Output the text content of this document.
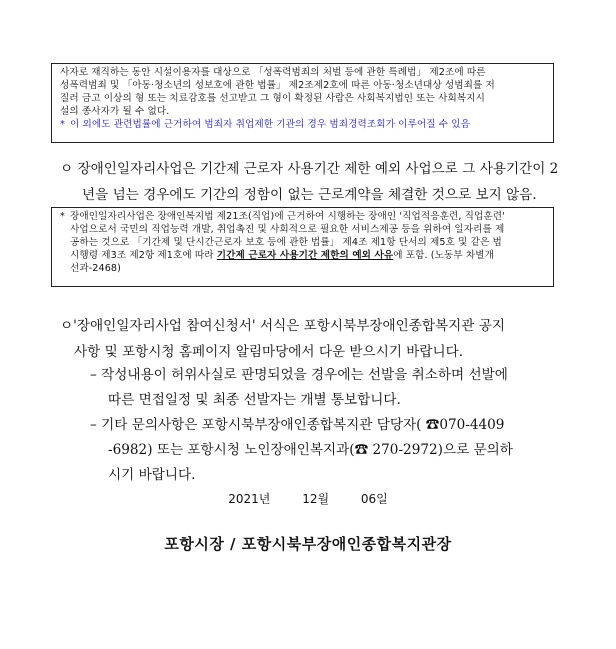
사자로 재직하는 동안 시설이용자를 대상으로 「성폭력범죄의 처벌 등에 관한 특례법」 제2조에 따른

성폭력범죄 및 「아동·청소년의 성보호에 관한 법률」 제2조제2호에 따른 아동·청소년대상 성범죄를 저

질러 금고 이상의 형 또는 치료감호를 선고받고 그 형이 확정된 사람은 사회복지법인 또는 사회복지시

설의 종사자가 될 수 없다.

* 이 외에도 관련법률에 근거하여 범죄자 취업제한 기관의 경우 범죄경력조회가 이루어질 수 있음

ㅇ 장애인일자리사업은 기간제 근로자 사용기간 제한 예외 사업으로 그 사용기간이 2
년을 넘는 경우에도 기간의 정함이 없는 근로계약을 체결한 것으로 보지 않음.
* 장애인일자리사업은 장애인복지법 제21조(직업)에 근거하여 시행하는 장애인 '직업적응훈련, 직업훈련'
사업으로서 국민의 직업능력 개발, 취업촉진 및 사회적으로 필요한 서비스제공 등을 위하여 일자리를 제
공하는 것으로 「기간제 및 단시간근로자 보호 등에 관한 법률」 제4조 제1항 단서의 제5호 및 같은 법
시행령 제3조 제2항 제1호에 따라 기간제 근로자 사용기간 제한의 예외 사유에 포함. (노동부 차별개
선과-2468)
ㅇ'장애인일자리사업 참여신청서' 서식은 포항시북부장애인종합복지관 공지
사항 및 포항시청 홈페이지 알림마당에서 다운 받으시기 바랍니다.
– 작성내용이 허위사실로 판명되었을 경우에는 선발을 취소하며 선발에
따른 면접일정 및 최종 선발자는 개별 통보합니다.
– 기타 문의사항은 포항시북부장애인종합복지관 담당자( ☎070-4409
-6982) 또는 포항시청 노인장애인복지과(☎ 270-2972)으로 문의하
시기 바랍니다.
2021년	12월	06일
포항시장 / 포항시북부장애인종합복지관장
